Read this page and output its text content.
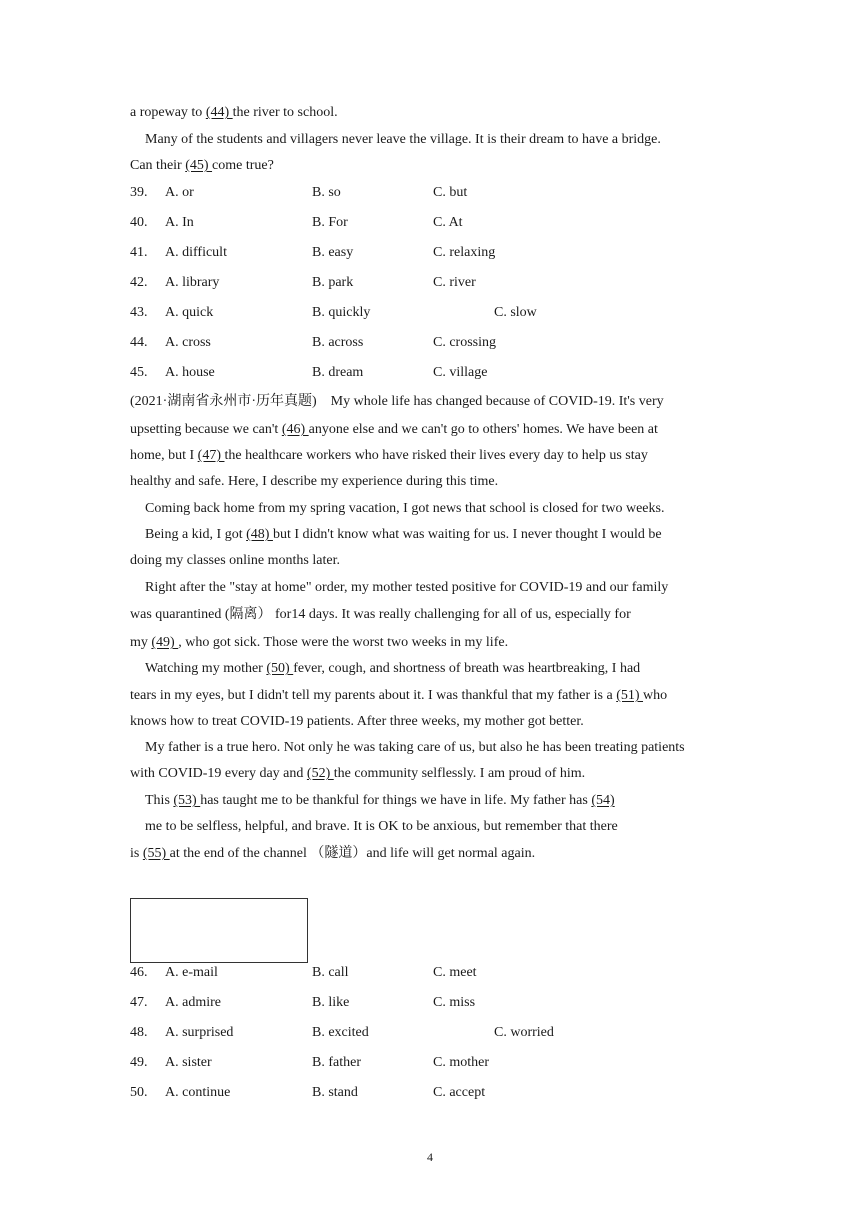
a ropeway to (44) the river to school.
Many of the students and villagers never leave the village. It is their dream to have a bridge.
Can their (45) come true?
39. A. or	B. so	C. but
40. A. In	B. For	C. At
41. A. difficult	B. easy	C. relaxing
42. A. library	B. park	C. river
43. A. quick	B. quickly	C. slow
44. A. cross	B. across	C. crossing
45. A. house	B. dream	C. village
(2021·湖南省永州市·历年真题) My whole life has changed because of COVID-19. It's very
upsetting because we can't (46) anyone else and we can't go to others' homes. We have been at
home, but I (47) the healthcare workers who have risked their lives every day to help us stay
healthy and safe. Here, I describe my experience during this time.
Coming back home from my spring vacation, I got news that school is closed for two weeks.
Being a kid, I got (48) but I didn't know what was waiting for us. I never thought I would be
doing my classes online months later.
Right after the "stay at home" order, my mother tested positive for COVID-19 and our family
was quarantined (隔离） for14 days. It was really challenging for all of us, especially for
my (49) , who got sick. Those were the worst two weeks in my life.
Watching my mother (50) fever, cough, and shortness of breath was heartbreaking, I had
tears in my eyes, but I didn't tell my parents about it. I was thankful that my father is a (51) who
knows how to treat COVID-19 patients. After three weeks, my mother got better.
My father is a true hero. Not only he was taking care of us, but also he has been treating patients
with COVID-19 every day and (52) the community selflessly. I am proud of him.
This (53) has taught me to be thankful for things we have in life. My father has (54)
me to be selfless, helpful, and brave. It is OK to be anxious, but remember that there
is (55) at the end of the channel （隧道）and life will get normal again.
46. A. e-mail	B. call	C. meet
47. A. admire	B. like	C. miss
48. A. surprised	B. excited	C. worried
49. A. sister	B. father	C. mother
50. A. continue	B. stand	C. accept
4
